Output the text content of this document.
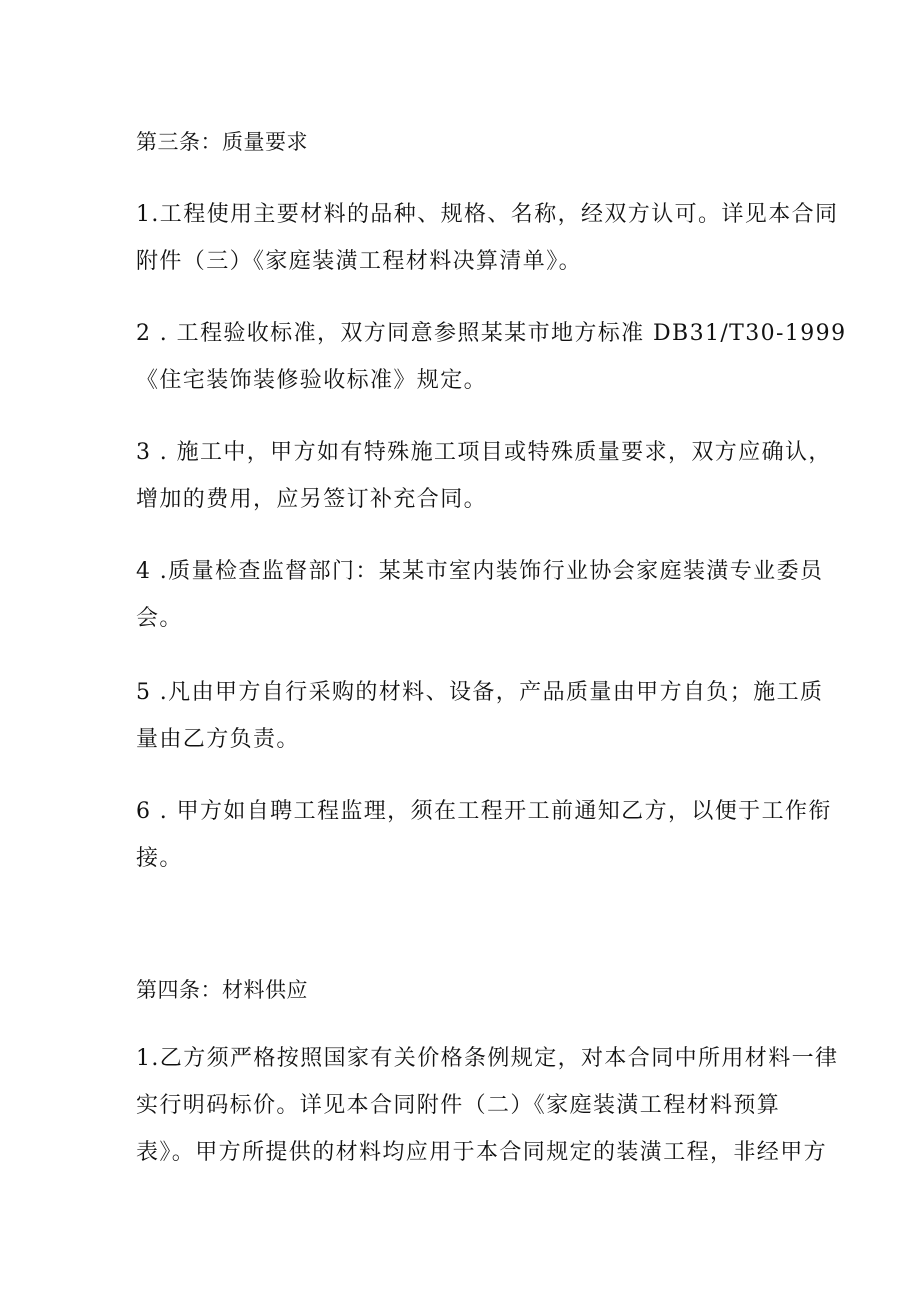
第三条：质量要求
1.工程使用主要材料的品种、规格、名称，经双方认可。详见本合同
附件（三）《家庭装潢工程材料决算清单》。
2 . 工程验收标准，双方同意参照某某市地方标准 DB31/T30-1999
《住宅装饰装修验收标准》规定。
3 . 施工中，甲方如有特殊施工项目或特殊质量要求，双方应确认，
增加的费用，应另签订补充合同。
4 .质量检查监督部门：某某市室内装饰行业协会家庭装潢专业委员
会。
5 .凡由甲方自行采购的材料、设备，产品质量由甲方自负；施工质
量由乙方负责。
6 . 甲方如自聘工程监理，须在工程开工前通知乙方，以便于工作衔
接。
第四条：材料供应
1.乙方须严格按照国家有关价格条例规定，对本合同中所用材料一律
实行明码标价。详见本合同附件（二）《家庭装潢工程材料预算
表》。甲方所提供的材料均应用于本合同规定的装潢工程，非经甲方
